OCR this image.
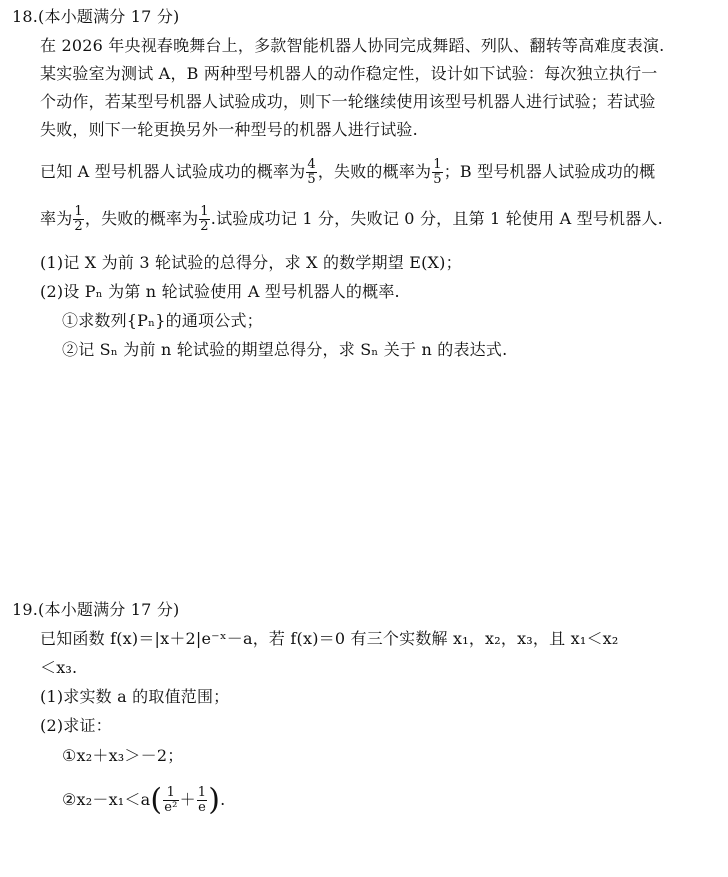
18.(本小题满分 17 分)
在 2026 年央视春晚舞台上，多款智能机器人协同完成舞蹈、列队、翻转等高难度表演.
某实验室为测试 A，B 两种型号机器人的动作稳定性，设计如下试验：每次独立执行一
个动作，若某型号机器人试验成功，则下一轮继续使用该型号机器人进行试验；若试验
失败，则下一轮更换另外一种型号的机器人进行试验.
已知 A 型号机器人试验成功的概率为 $\frac{4}{5}$ ，失败的概率为 $\frac{1}{5}$ ；B 型号机器人试验成功的概
率为 $\frac{1}{2}$ ，失败的概率为 $\frac{1}{2}$ .试验成功记 1 分，失败记 0 分，且第 1 轮使用 A 型号机器人.
(1)记 X 为前 3 轮试验的总得分，求 X 的数学期望 E(X)；
(2)设 Pₙ 为第 n 轮试验使用 A 型号机器人的概率.
①求数列{Pₙ}的通项公式；
②记 Sₙ 为前 n 轮试验的期望总得分，求 Sₙ 关于 n 的表达式.
19.(本小题满分 17 分)
已知函数 f(x)＝|x＋2|e⁻ˣ－a，若 f(x)＝0 有三个实数解 x₁，x₂，x₃，且 x₁＜x₂
＜x₃.
(1)求实数 a 的取值范围；
(2)求证：
①x₂＋x₃＞－2；
②x₂－x₁＜a( $\frac{1}{\text{e²}} + \frac{1}{e}$ ).
